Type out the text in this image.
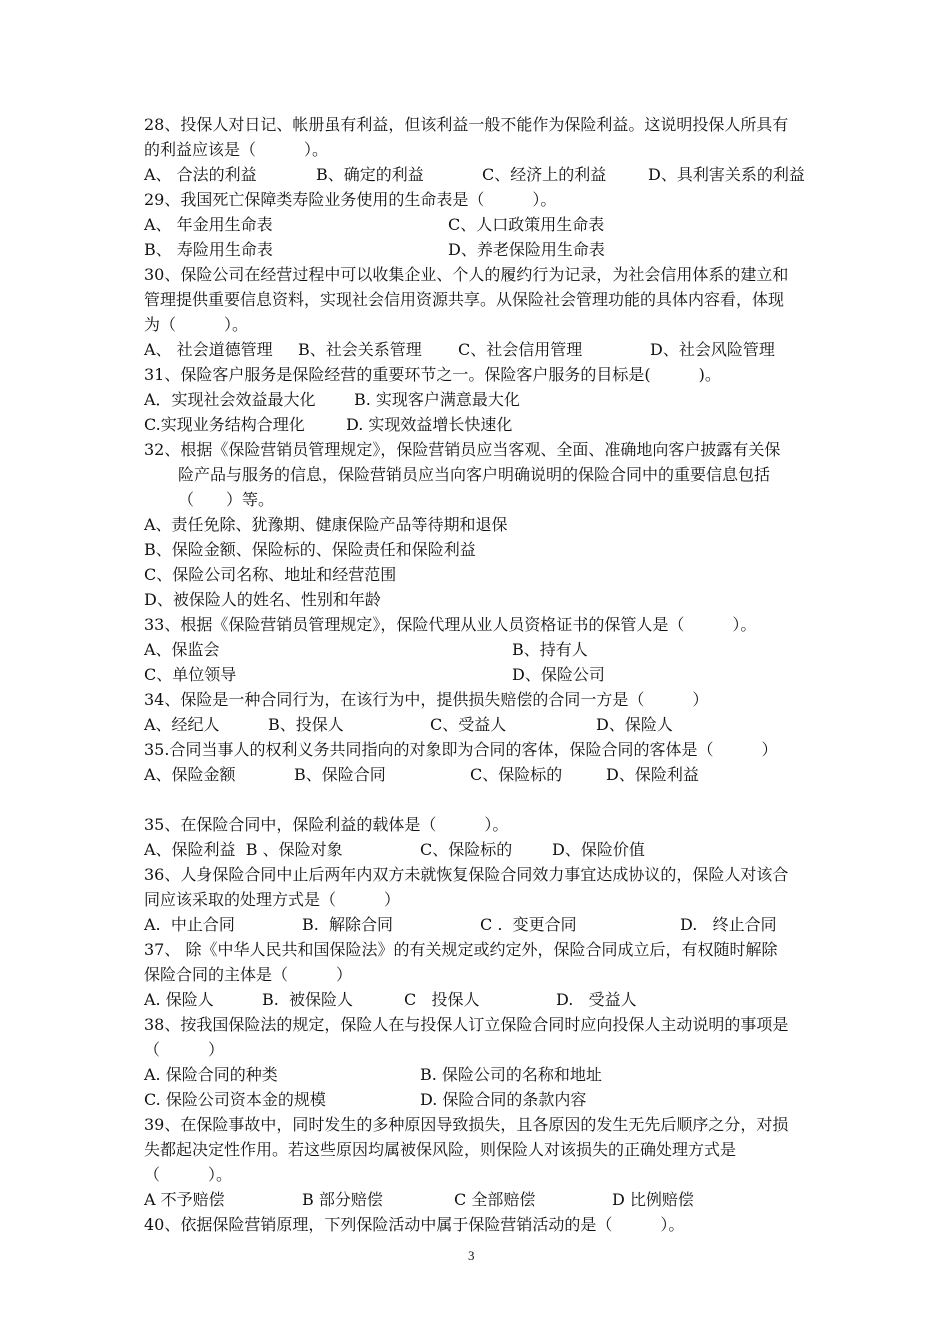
28、投保人对日记、帐册虽有利益，但该利益一般不能作为保险利益。这说明投保人所具有
的利益应该是（　　　）。
A、 合法的利益	B、确定的利益	C、经济上的利益	D、具利害关系的利益
29、我国死亡保障类寿险业务使用的生命表是（　　　）。
A、 年金用生命表	C、人口政策用生命表
B、 寿险用生命表	D、养老保险用生命表
30、保险公司在经营过程中可以收集企业、个人的履约行为记录，为社会信用体系的建立和
管理提供重要信息资料，实现社会信用资源共享。从保险社会管理功能的具体内容看，体现
为（　　　）。
A、 社会道德管理 B、社会关系管理 C、社会信用管理	D、社会风险管理
31、保险客户服务是保险经营的重要环节之一。保险客户服务的目标是(　　　)。
A．实现社会效益最大化 B. 实现客户满意最大化
C.实现业务结构合理化	D. 实现效益增长快速化
32、根据《保险营销员管理规定》，保险营销员应当客观、全面、准确地向客户披露有关保
险产品与服务的信息，保险营销员应当向客户明确说明的保险合同中的重要信息包括
（　　）等。
A、责任免除、犹豫期、健康保险产品等待期和退保
B、保险金额、保险标的、保险责任和保险利益
C、保险公司名称、地址和经营范围
D、被保险人的姓名、性别和年龄
33、根据《保险营销员管理规定》，保险代理从业人员资格证书的保管人是（　　　）。
A、保监会	B、持有人
C、单位领导	D、保险公司
34、保险是一种合同行为，在该行为中，提供损失赔偿的合同一方是（　　　）
A、经纪人	B、投保人	C、受益人	D、保险人
35.合同当事人的权利义务共同指向的对象即为合同的客体，保险合同的客体是（　　　）
A、保险金额	B、保险合同	C、保险标的	D、保险利益
35、在保险合同中，保险利益的载体是（　　　）。
A、保险利益  B 、保险对象	C、保险标的 D、保险价值
36、人身保险合同中止后两年内双方未就恢复保险合同效力事宜达成协议的，保险人对该合
同应该采取的处理方式是（　　　）
A.  中止合同	B.  解除合同	C .  变更合同	D.   终止合同
37、 除《中华人民共和国保险法》的有关规定或约定外，保险合同成立后，有权随时解除
保险合同的主体是（　　　）
A. 保险人	B.  被保险人	C   投保人	D.   受益人
38、按我国保险法的规定，保险人在与投保人订立保险合同时应向投保人主动说明的事项是
（　　　）
A. 保险合同的种类	B. 保险公司的名称和地址
C. 保险公司资本金的规模	D. 保险合同的条款内容
39、在保险事故中，同时发生的多种原因导致损失，且各原因的发生无先后顺序之分，对损
失都起决定性作用。若这些原因均属被保风险，则保险人对该损失的正确处理方式是
（　　　）。
A 不予赔偿	B 部分赔偿	C 全部赔偿	D 比例赔偿
40、依据保险营销原理，下列保险活动中属于保险营销活动的是（　　　）。
3
